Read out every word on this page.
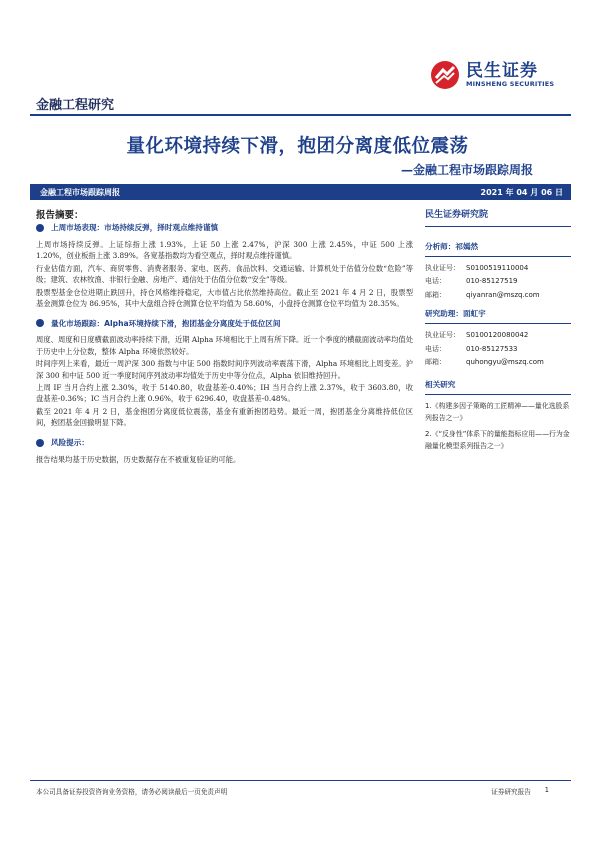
民生证券
MINSHENG SECURITIES
金融工程研究
量化环境持续下滑，抱团分离度低位震荡
—金融工程市场跟踪周报
金融工程市场跟踪周报	2021 年 04 月 06 日
报告摘要：
上周市场表现：市场持续反弹，择时观点维持谨慎

上周市场持续反弹。上证综指上涨 1.93%，上证 50 上涨 2.47%，沪深 300 上涨 2.45%，中证 500 上涨 1.20%，创业板指上涨 3.89%。各宽基指数均为看空观点，择时观点维持谨慎。

行业估值方面，汽车、商贸零售、消费者服务、家电、医药、食品饮料、交通运输、计算机处于估值分位数“危险”等级；建筑、农林牧渔、非银行金融、房地产、通信处于估值分位数“安全”等级。

股票型基金仓位进期止跌回升，持仓风格维持稳定，大市值占比依然维持高位。截止至 2021 年 4 月 2 日，股票型基金测算仓位为 86.95%，其中大盘组合持仓测算仓位平均值为 58.60%，小盘持仓测算仓位平均值为 28.35%。

量化市场跟踪：Alpha环境持续下滑，抱团基金分离度处于低位区间

周度、周度和日度横截面波动率持续下滑，近期 Alpha 环境相比于上周有所下降。近一个季度的横截面波动率均值处于历史中上分位数，整体 Alpha 环境依然较好。

时间序列上来看，最近一周沪深 300 指数与中证 500 指数时间序列波动率震荡下滑，Alpha 环境相比上周变差。沪深 300 和中证 500 近一季度时间序列波动率均值处于历史中等分位点，Alpha 依旧维持回升。

上周 IF 当月合约上涨 2.30%，收于 5140.80，收盘基差-0.40%；IH 当月合约上涨 2.37%，收于 3603.80，收盘基差-0.36%；IC 当月合约上涨 0.96%，收于 6296.40，收盘基差-0.48%。

截至 2021 年 4 月 2 日，基金抱团分离度低位震荡，基金有重新抱团趋势。最近一周，抱团基金分离维持低位区间，抱团基金回撤明显下降。

风险提示：

报告结果均基于历史数据，历史数据存在不被重复验证的可能。

民生证券研究院
分析师：祁嫣然
执业证号： S0100519110004
电话：	010-85127519
邮箱：	qiyanran@mszq.com
研究助理：面虹宇
执业证号： S0100120080042
电话：	010-85127533
邮箱：	quhongyu@mszq.com
相关研究
1.《构建多因子策略的工匠精神——量化选股系列报告之一》
2.《“反身性”体系下的量能指标应用——行为金融量化模型系列报告之一》
本公司具备证券投资咨询业务资格，请务必阅读最后一页免责声明	证券研究报告 1
